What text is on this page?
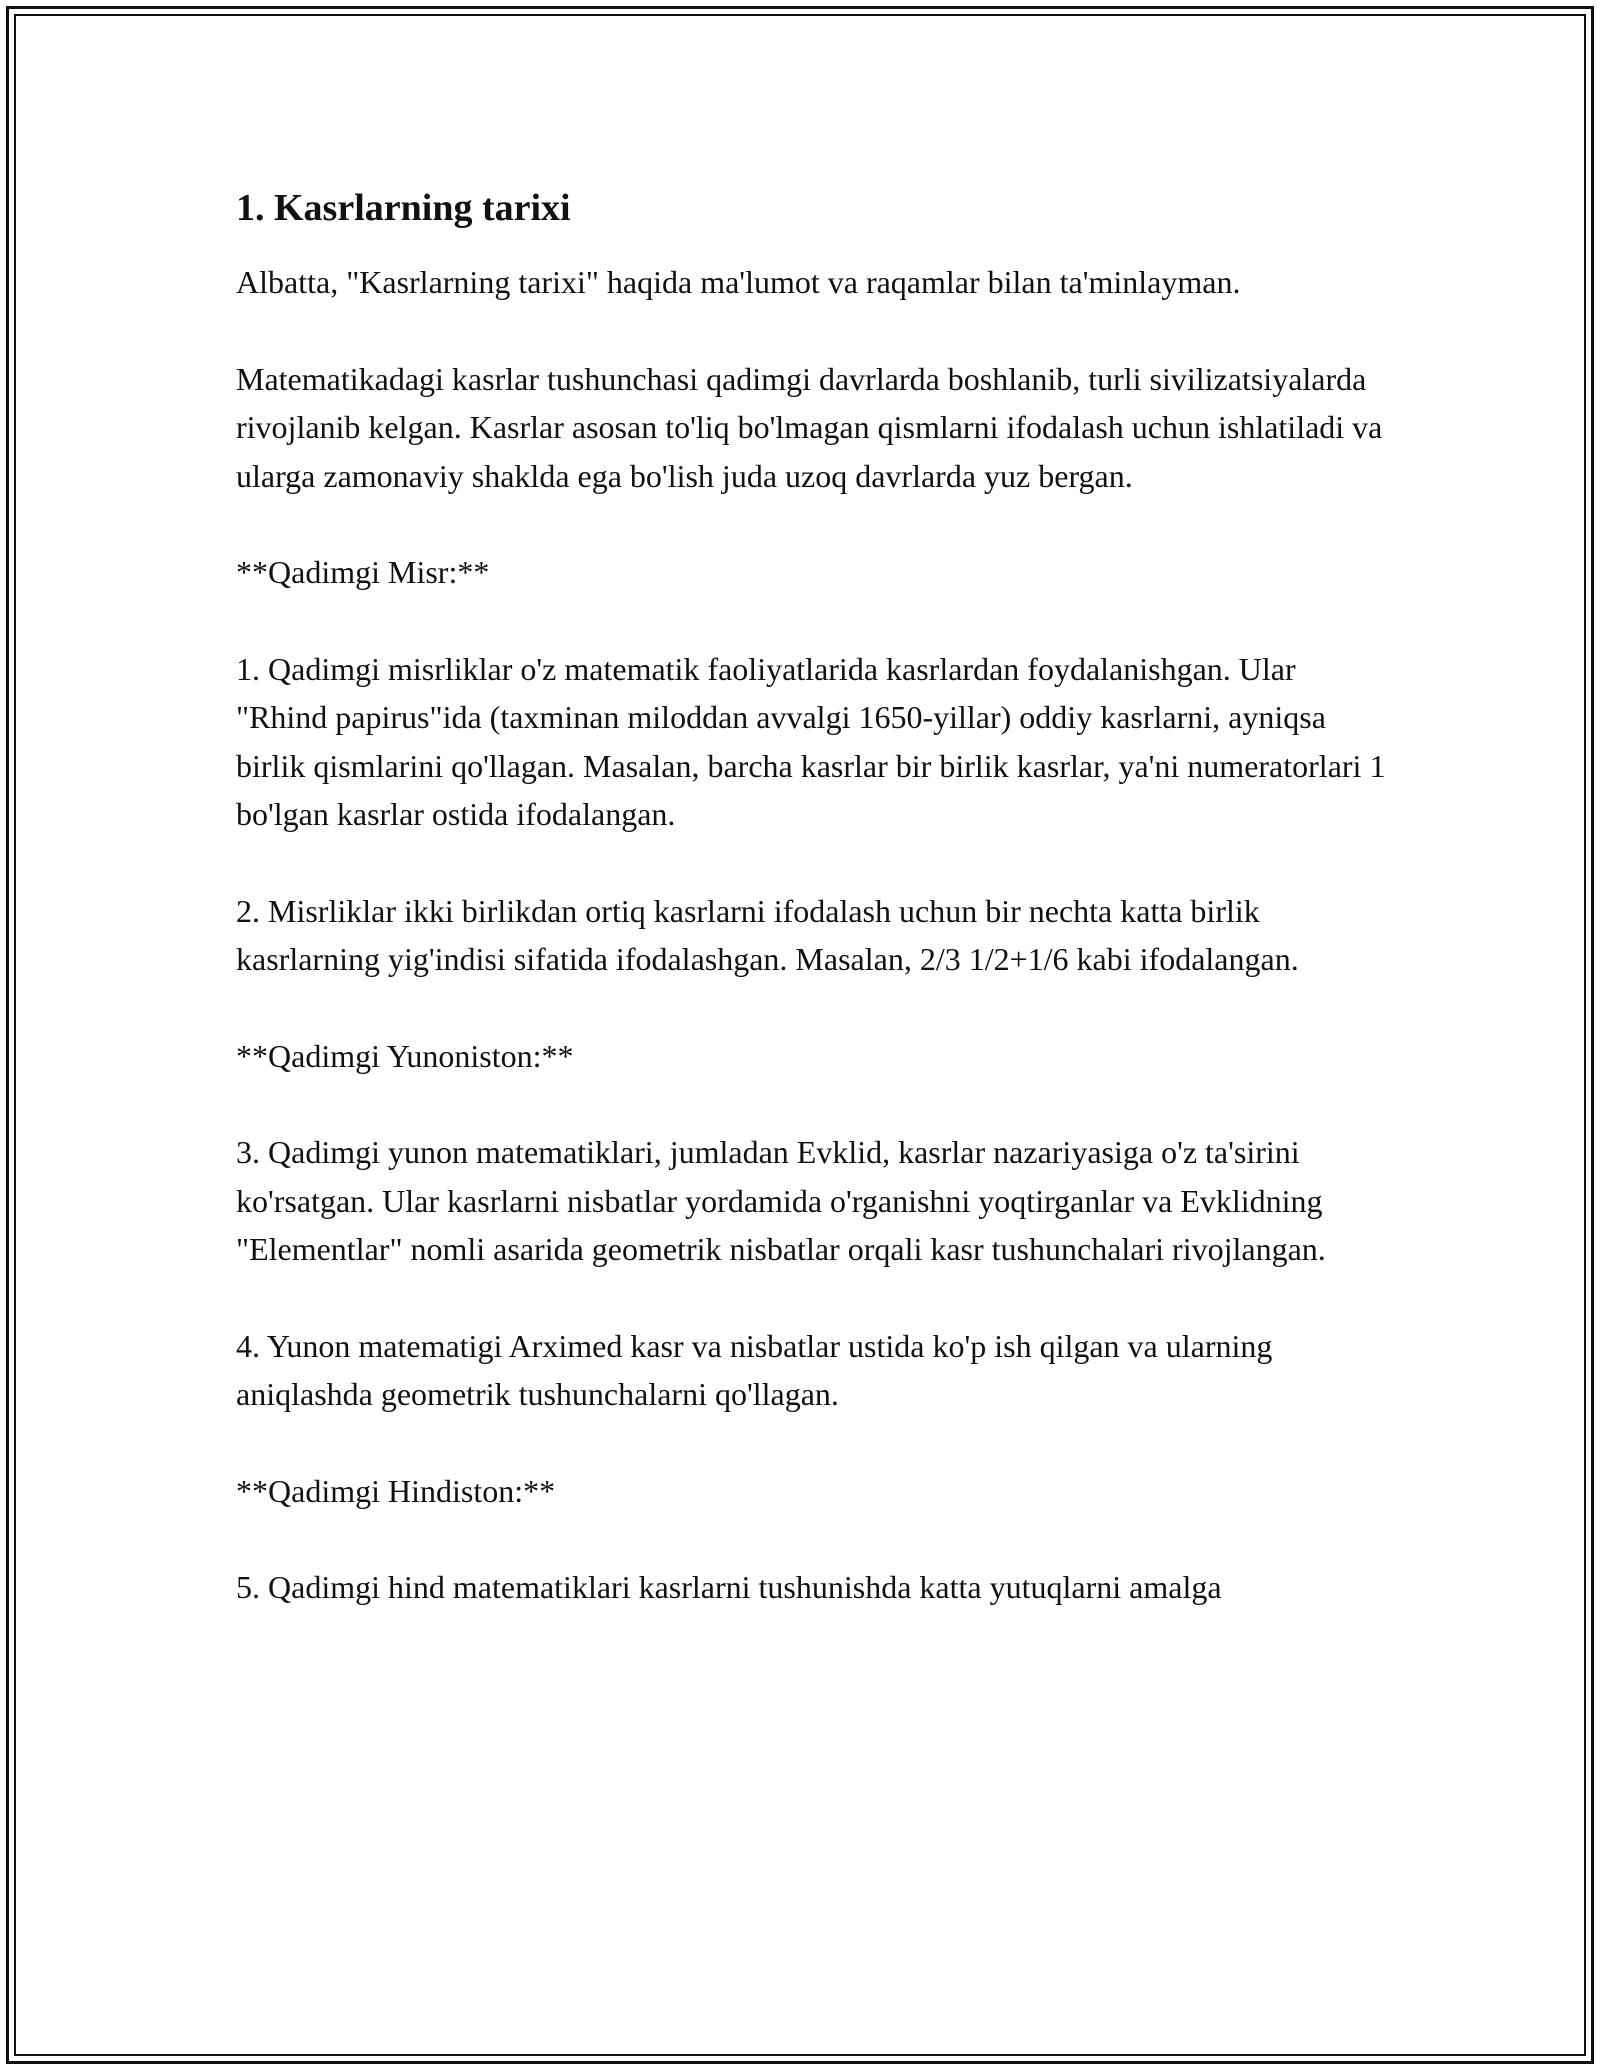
1. Kasrlarning tarixi

Albatta, "Kasrlarning tarixi" haqida ma'lumot va raqamlar bilan ta'minlayman.

Matematikadagi kasrlar tushunchasi qadimgi davrlarda boshlanib, turli sivilizatsiyalarda rivojlanib kelgan. Kasrlar asosan to'liq bo'lmagan qismlarni ifodalash uchun ishlatiladi va ularga zamonaviy shakldа ega bo'lish juda uzoq davrlarda yuz bergan.

**Qadimgi Misr:**

1. Qadimgi misrliklar o'z matematik faoliyatlarida kasrlardan foydalanishgan. Ular "Rhind papirus"ida (taxminan miloddan avvalgi 1650-yillar) oddiy kasrlarni, ayniqsa birlik qismlarini qo'llagan. Masalan, barcha kasrlar bir birlik kasrlar, ya'ni numeratorlari 1 bo'lgan kasrlar ostida ifodalangan.

2. Misrliklar ikki birlikdan ortiq kasrlarni ifodalash uchun bir nechta katta birlik kasrlarning yig'indisi sifatida ifodalashgan. Masalan, 2/3 1/2+1/6 kabi ifodalangan.

**Qadimgi Yunoniston:**

3. Qadimgi yunon matematiklari, jumladan Evklid, kasrlar nazariyasiga o'z ta'sirini ko'rsatgan. Ular kasrlarni nisbatlar yordamida o'rganishni yoqtirganlar va Evklidning "Elementlar" nomli asarida geometrik nisbatlar orqali kasr tushunchalari rivojlangan.

4. Yunon matematigi Arximed kasr va nisbatlar ustida ko'p ish qilgan va ularning aniqlashda geometrik tushunchalarni qo'llagan.

**Qadimgi Hindiston:**

5. Qadimgi hind matematiklari kasrlarni tushunishda katta yutuqlarni amalga
